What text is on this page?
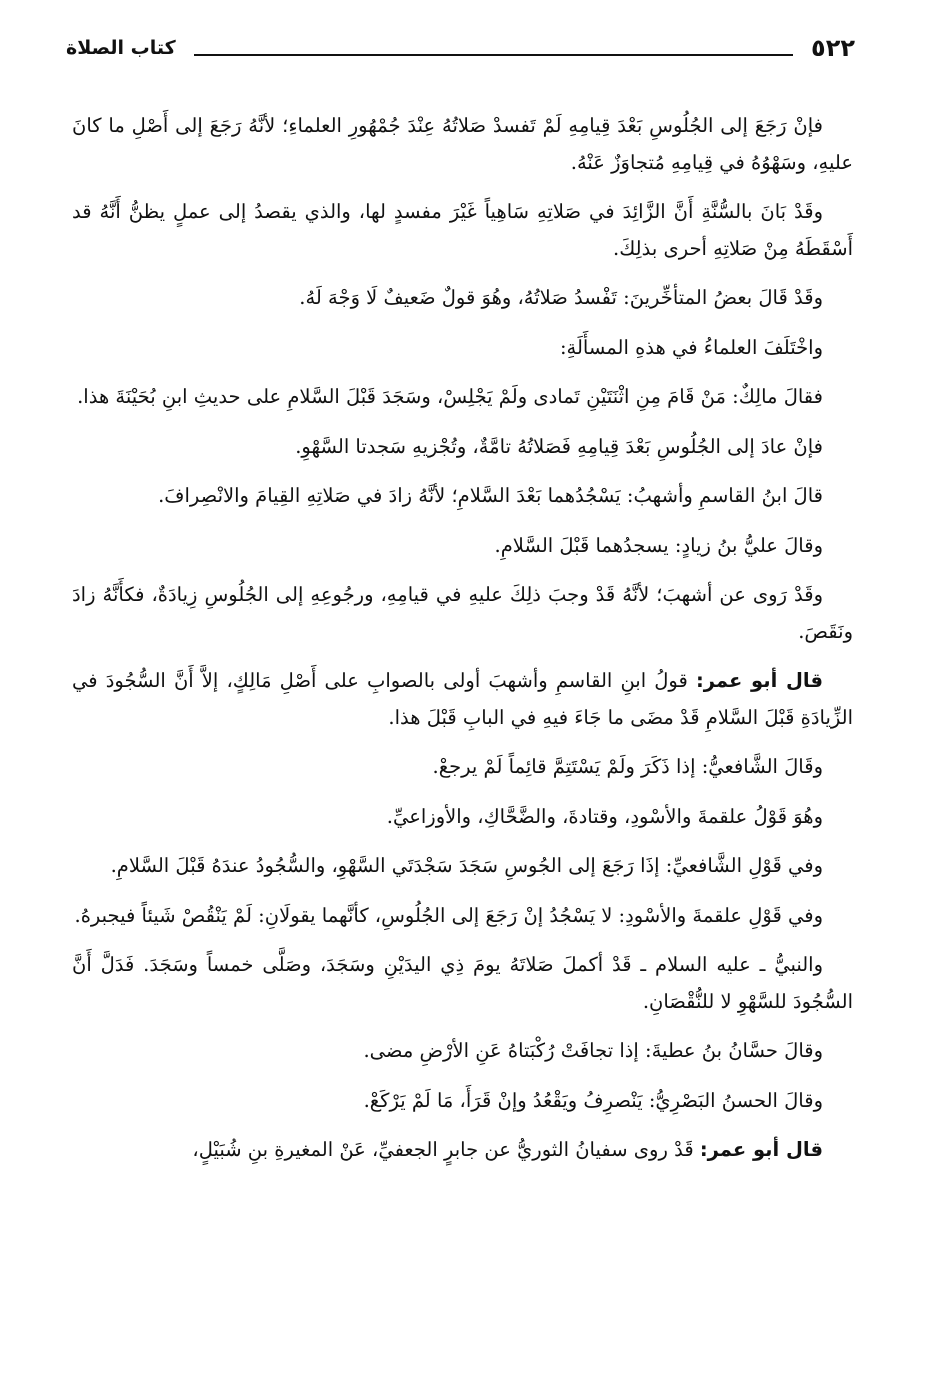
٥٢٢
كتاب الصلاة

فإنْ رَجَعَ إلى الجُلُوسِ بَعْدَ قِيامِهِ لَمْ تَفسدْ صَلاتُهُ عِنْدَ جُمْهُورِ العلماءِ؛ لأنَّهُ رَجَعَ إلى أَصْلِ ما كانَ عليهِ، وسَهْوُهُ في قِيامِهِ مُتجاوَزٌ عَنْهُ.

وقَدْ بَانَ بالسُّنَّةِ أَنَّ الزَّائِدَ في صَلاتِهِ سَاهِياً غَيْرَ مفسدٍ لها، والذي يقصدُ إلى عملٍ يظنُّ أَنَّهُ قد أَسْقَطَهُ مِنْ صَلاتِهِ أحرى بذلِكَ.

وقَدْ قَالَ بعضُ المتأخِّرينَ: تَفْسدُ صَلاتُهُ، وهُوَ قولٌ ضَعيفٌ لَا وَجْهَ لَهُ.

واخْتَلَفَ العلماءُ في هذهِ المسأَلَةِ:

فقالَ مالِكٌ: مَنْ قَامَ مِنِ اثْنَتَيْنِ تَمادى ولَمْ يَجْلِسْ، وسَجَدَ قَبْلَ السَّلامِ على حديثِ ابنِ بُحَيْنَةَ هذا.

فإنْ عادَ إلى الجُلُوسِ بَعْدَ قِيامِهِ فَصَلاتُهُ تامَّةٌ، وتُجْزيهِ سَجدتا السَّهْوِ.

قالَ ابنُ القاسمِ وأشهبُ: يَسْجُدُهما بَعْدَ السَّلامِ؛ لأنَّهُ زادَ في صَلاتِهِ القِيامَ والانْصِرافَ.

وقالَ عليُّ بنُ زيادٍ: يسجدُهما قَبْلَ السَّلامِ.

وقَدْ رَوى عن أشهبَ؛ لأنَّهُ قَدْ وجبَ ذلِكَ عليهِ في قيامِهِ، ورجُوعِهِ إلى الجُلُوسِ زِيادَةٌ، فكأَنَّهُ زادَ ونَقَصَ.

قال أبو عمر: قولُ ابنِ القاسمِ وأشهبَ أولى بالصوابِ على أَصْلِ مَالِكٍ، إلاَّ أَنَّ السُّجُودَ في الزِّيادَةِ قَبْلَ السَّلامِ قَدْ مضَى ما جَاءَ فيهِ في البابِ قَبْلَ هذا.

وقَالَ الشَّافعيُّ: إذا ذَكَرَ ولَمْ يَسْتَتِمَّ قائِماً لَمْ يرجعْ.

وهُوَ قَوْلُ علقمةَ والأسْودِ، وقتادةَ، والضَّحَّاكِ، والأوزاعيِّ.

وفي قَوْلِ الشَّافعيِّ: إذَا رَجَعَ إلى الجُوسِ سَجَدَ سَجْدَتَي السَّهْوِ، والسُّجُودُ عندَهُ قَبْلَ السَّلامِ.

وفي قَوْلِ علقمةَ والأسْودِ: لا يَسْجُدُ إنْ رَجَعَ إلى الجُلُوسِ، كأنَّهما يقولَانِ: لَمْ يَنْقُصْ شَيئاً فيجبرهُ.

والنبيُّ ـ عليه السلام ـ قَدْ أكملَ صَلاتَهُ يومَ ذِي اليدَيْنِ وسَجَدَ، وصَلَّى خمساً وسَجَدَ. فَدَلَّ أَنَّ السُّجُودَ للسَّهْوِ لا للنُّقْصَانِ.

وقالَ حسَّانُ بنُ عطيةَ: إذا تجافَتْ رُكْبَتاهُ عَنِ الأرْضِ مضى.

وقالَ الحسنُ البَصْرِيُّ: يَنْصرِفُ ويَقْعُدُ وإنْ قَرَأَ، مَا لَمْ يَرْكَعْ.

قال أبو عمر: قَدْ روى سفيانُ الثوريُّ عن جابرٍ الجعفيِّ، عَنْ المغيرةِ بنِ شُبَيْلٍ،
